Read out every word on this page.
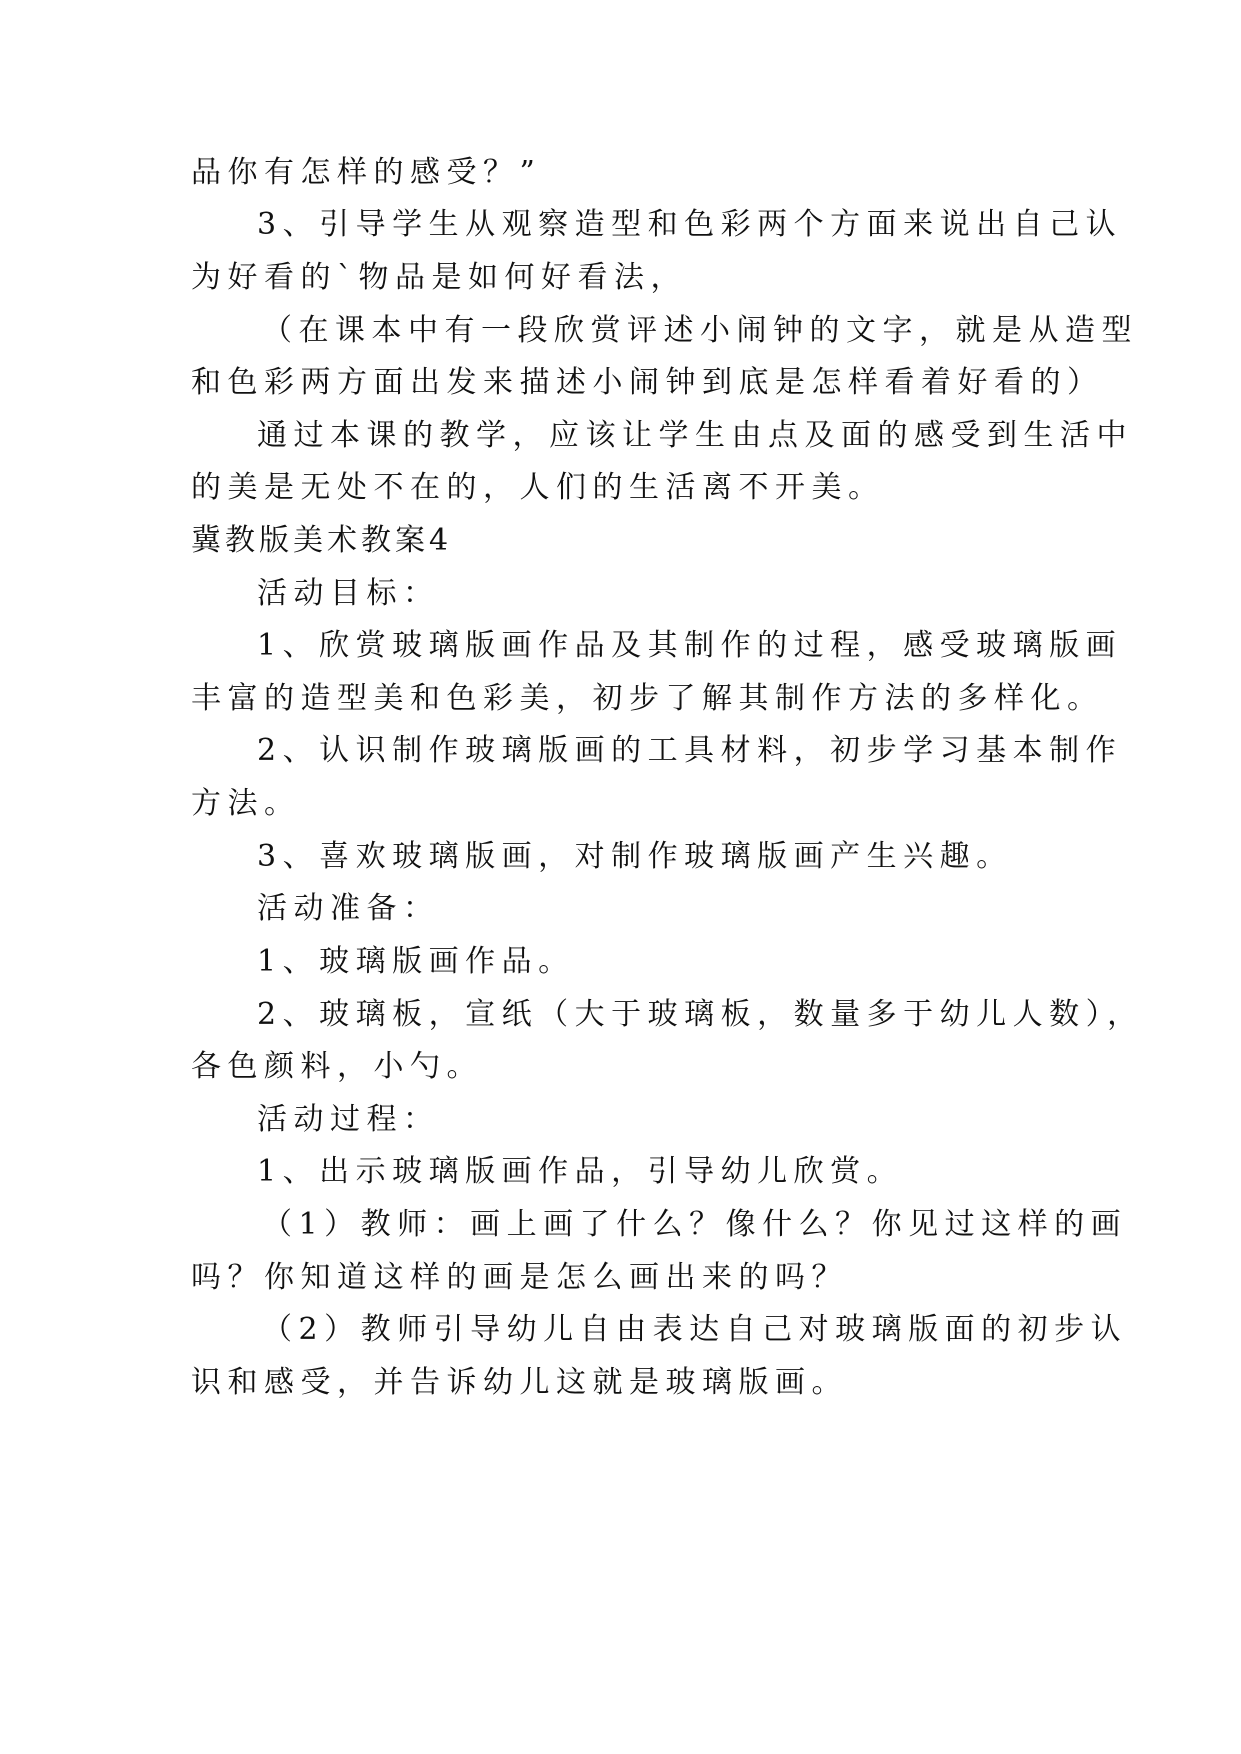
品你有怎样的感受？”
3、引导学生从观察造型和色彩两个方面来说出自己认
为好看的`物品是如何好看法，
（在课本中有一段欣赏评述小闹钟的文字，就是从造型
和色彩两方面出发来描述小闹钟到底是怎样看着好看的）
通过本课的教学，应该让学生由点及面的感受到生活中
的美是无处不在的，人们的生活离不开美。
冀教版美术教案4
活动目标：
1、欣赏玻璃版画作品及其制作的过程，感受玻璃版画
丰富的造型美和色彩美，初步了解其制作方法的多样化。
2、认识制作玻璃版画的工具材料，初步学习基本制作
方法。
3、喜欢玻璃版画，对制作玻璃版画产生兴趣。
活动准备：
1、玻璃版画作品。
2、玻璃板，宣纸（大于玻璃板，数量多于幼儿人数），
各色颜料，小勺。
活动过程：
1、出示玻璃版画作品，引导幼儿欣赏。
（1）教师：画上画了什么？像什么？你见过这样的画
吗？你知道这样的画是怎么画出来的吗？
（2）教师引导幼儿自由表达自己对玻璃版面的初步认
识和感受，并告诉幼儿这就是玻璃版画。
